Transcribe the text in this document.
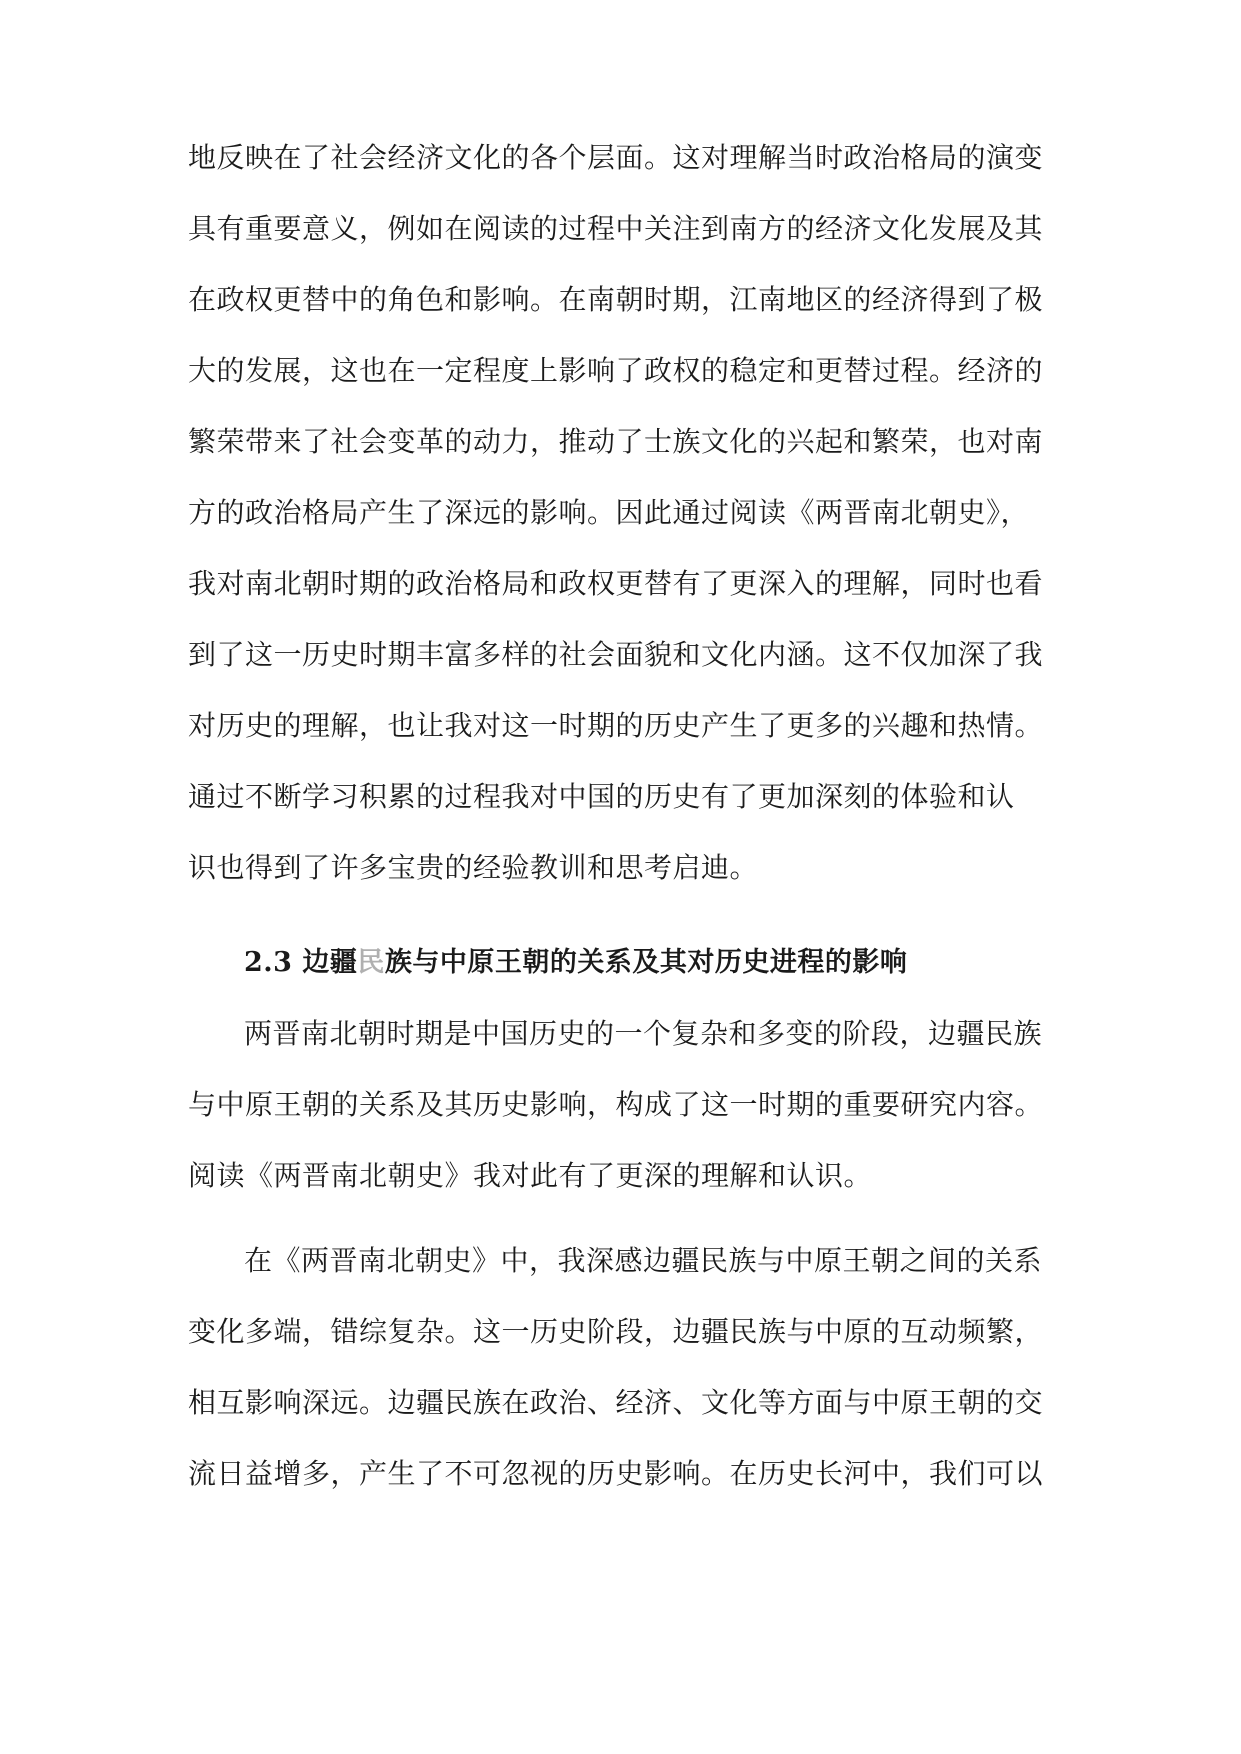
地反映在了社会经济文化的各个层面。这对理解当时政治格局的演变
具有重要意义，例如在阅读的过程中关注到南方的经济文化发展及其
在政权更替中的角色和影响。在南朝时期，江南地区的经济得到了极
大的发展，这也在一定程度上影响了政权的稳定和更替过程。经济的
繁荣带来了社会变革的动力，推动了士族文化的兴起和繁荣，也对南
方的政治格局产生了深远的影响。因此通过阅读《两晋南北朝史》，
我对南北朝时期的政治格局和政权更替有了更深入的理解，同时也看
到了这一历史时期丰富多样的社会面貌和文化内涵。这不仅加深了我
对历史的理解，也让我对这一时期的历史产生了更多的兴趣和热情。
通过不断学习积累的过程我对中国的历史有了更加深刻的体验和认
识也得到了许多宝贵的经验教训和思考启迪。
2.3 边疆民族与中原王朝的关系及其对历史进程的影响
两晋南北朝时期是中国历史的一个复杂和多变的阶段，边疆民族
与中原王朝的关系及其历史影响，构成了这一时期的重要研究内容。
阅读《两晋南北朝史》我对此有了更深的理解和认识。
在《两晋南北朝史》中，我深感边疆民族与中原王朝之间的关系
变化多端，错综复杂。这一历史阶段，边疆民族与中原的互动频繁，
相互影响深远。边疆民族在政治、经济、文化等方面与中原王朝的交
流日益增多，产生了不可忽视的历史影响。在历史长河中，我们可以
